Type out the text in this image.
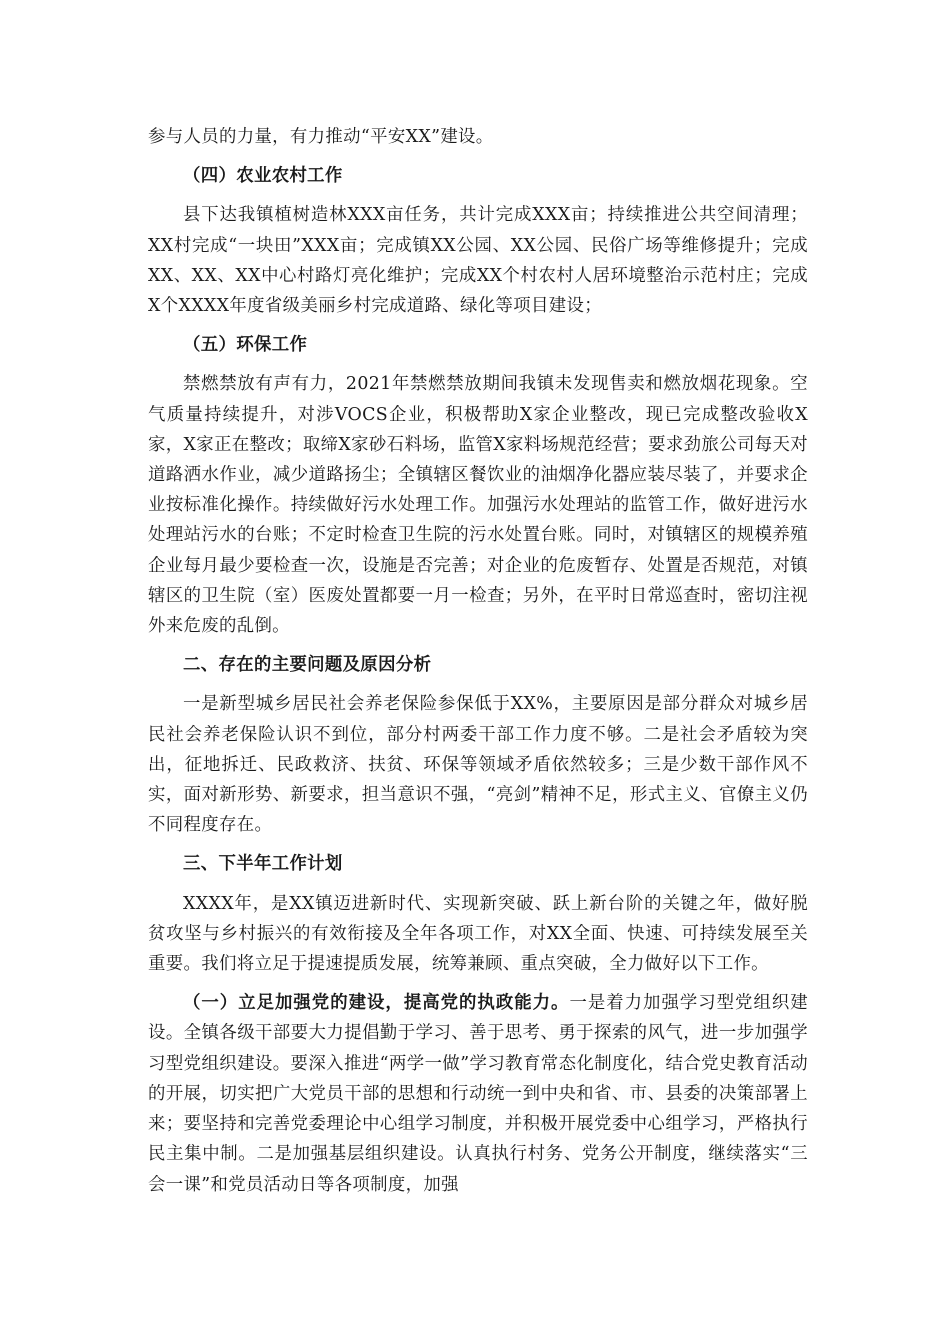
参与人员的力量，有力推动“平安XX”建设。

（四）农业农村工作

县下达我镇植树造林XXX亩任务，共计完成XXX亩；持续推进公共空间清理；XX村完成“一块田”XXX亩；完成镇XX公园、XX公园、民俗广场等维修提升；完成XX、XX、XX中心村路灯亮化维护；完成XX个村农村人居环境整治示范村庄；完成X个XXXX年度省级美丽乡村完成道路、绿化等项目建设；

（五）环保工作

禁燃禁放有声有力，2021年禁燃禁放期间我镇未发现售卖和燃放烟花现象。空气质量持续提升，对涉VOCS企业，积极帮助X家企业整改，现已完成整改验收X家，X家正在整改；取缔X家砂石料场，监管X家料场规范经营；要求劲旅公司每天对道路洒水作业，减少道路扬尘；全镇辖区餐饮业的油烟净化器应装尽装了，并要求企业按标准化操作。持续做好污水处理工作。加强污水处理站的监管工作，做好进污水处理站污水的台账；不定时检查卫生院的污水处置台账。同时，对镇辖区的规模养殖企业每月最少要检查一次，设施是否完善；对企业的危废暂存、处置是否规范，对镇辖区的卫生院（室）医废处置都要一月一检查；另外，在平时日常巡查时，密切注视外来危废的乱倒。

二、存在的主要问题及原因分析

一是新型城乡居民社会养老保险参保低于XX%，主要原因是部分群众对城乡居民社会养老保险认识不到位，部分村两委干部工作力度不够。二是社会矛盾较为突出，征地拆迁、民政救济、扶贫、环保等领域矛盾依然较多；三是少数干部作风不实，面对新形势、新要求，担当意识不强，“亮剑”精神不足，形式主义、官僚主义仍不同程度存在。

三、下半年工作计划

XXXX年，是XX镇迈进新时代、实现新突破、跃上新台阶的关键之年，做好脱贫攻坚与乡村振兴的有效衔接及全年各项工作，对XX全面、快速、可持续发展至关重要。我们将立足于提速提质发展，统筹兼顾、重点突破，全力做好以下工作。

（一）立足加强党的建设，提高党的执政能力。一是着力加强学习型党组织建设。全镇各级干部要大力提倡勤于学习、善于思考、勇于探索的风气，进一步加强学习型党组织建设。要深入推进“两学一做”学习教育常态化制度化，结合党史教育活动的开展，切实把广大党员干部的思想和行动统一到中央和省、市、县委的决策部署上来；要坚持和完善党委理论中心组学习制度，并积极开展党委中心组学习，严格执行民主集中制。二是加强基层组织建设。认真执行村务、党务公开制度，继续落实“三会一课”和党员活动日等各项制度，加强
